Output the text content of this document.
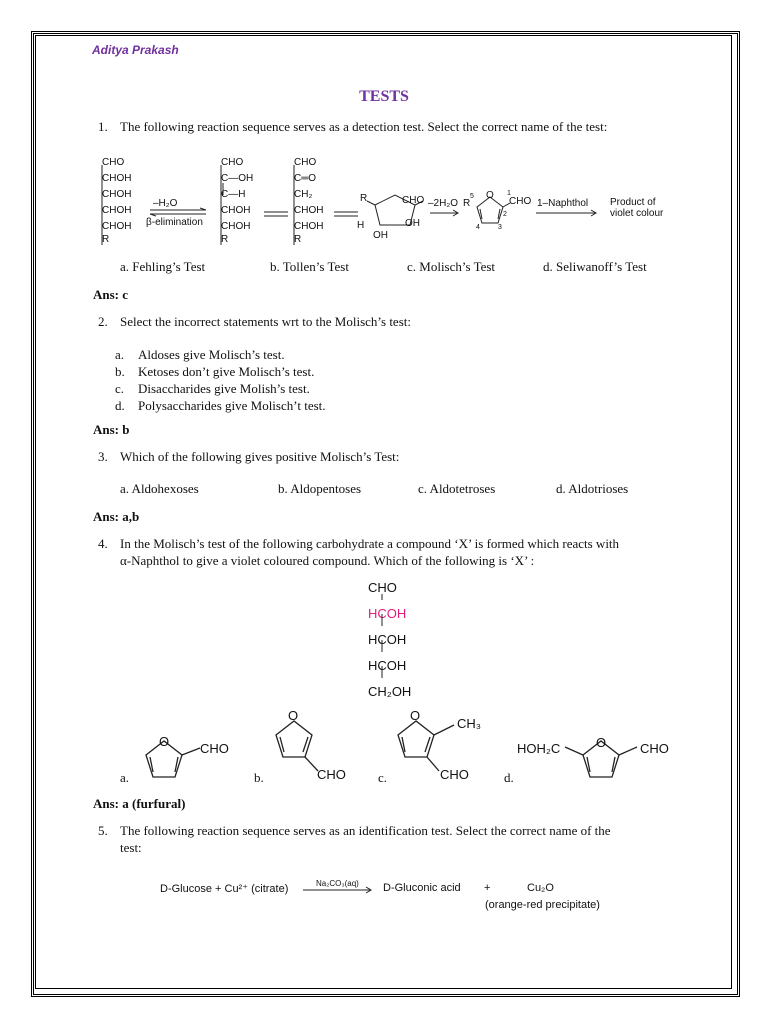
Aditya Prakash
TESTS
1. The following reaction sequence serves as a detection test. Select the correct name of the test:
CHO
CHOH
CHOH
CHOH
CHOH
R
–H₂O
β-elimination
CHO
C—OH
C—H
CHOH
CHOH
R
CHO
C═O
CH₂
CHOH
CHOH
R
R
H
OH
OH
CHO –2H₂O R
O
CHO
1
2
3
4
5
1–Naphthol Product of
violet colour
a. Fehling’s Test	b. Tollen’s Test	c. Molisch’s Test	d. Seliwanoff’s Test
Ans: c
2. Select the incorrect statements wrt to the Molisch’s test:
a. Aldoses give Molisch’s test.
b. Ketoses don’t give Molisch’s test.
c. Disaccharides give Molish’s test.
d. Polysaccharides give Molisch’t test.
Ans: b
3. Which of the following gives positive Molisch’s Test:
a. Aldohexoses	b. Aldopentoses	c. Aldotetroses	d. Aldotrioses
Ans: a,b
4. In the Molisch’s test of the following carbohydrate a compound ‘X’ is formed which reacts with
α-Naphthol to give a violet coloured compound. Which of the following is ‘X’ :
CHO
HCOH
HCOH
HCOH
CH₂OH
a.
O CHO
b.
O
CHO c.
O
CH₃
CHO	d.
HOH₂C	O	CHO
Ans: a (furfural)
5. The following reaction sequence serves as an identification test. Select the correct name of the
test:
D-Glucose + Cu²⁺ (citrate)	Na₂CO₃(aq) D-Gluconic acid +	Cu₂O
(orange-red precipitate)
